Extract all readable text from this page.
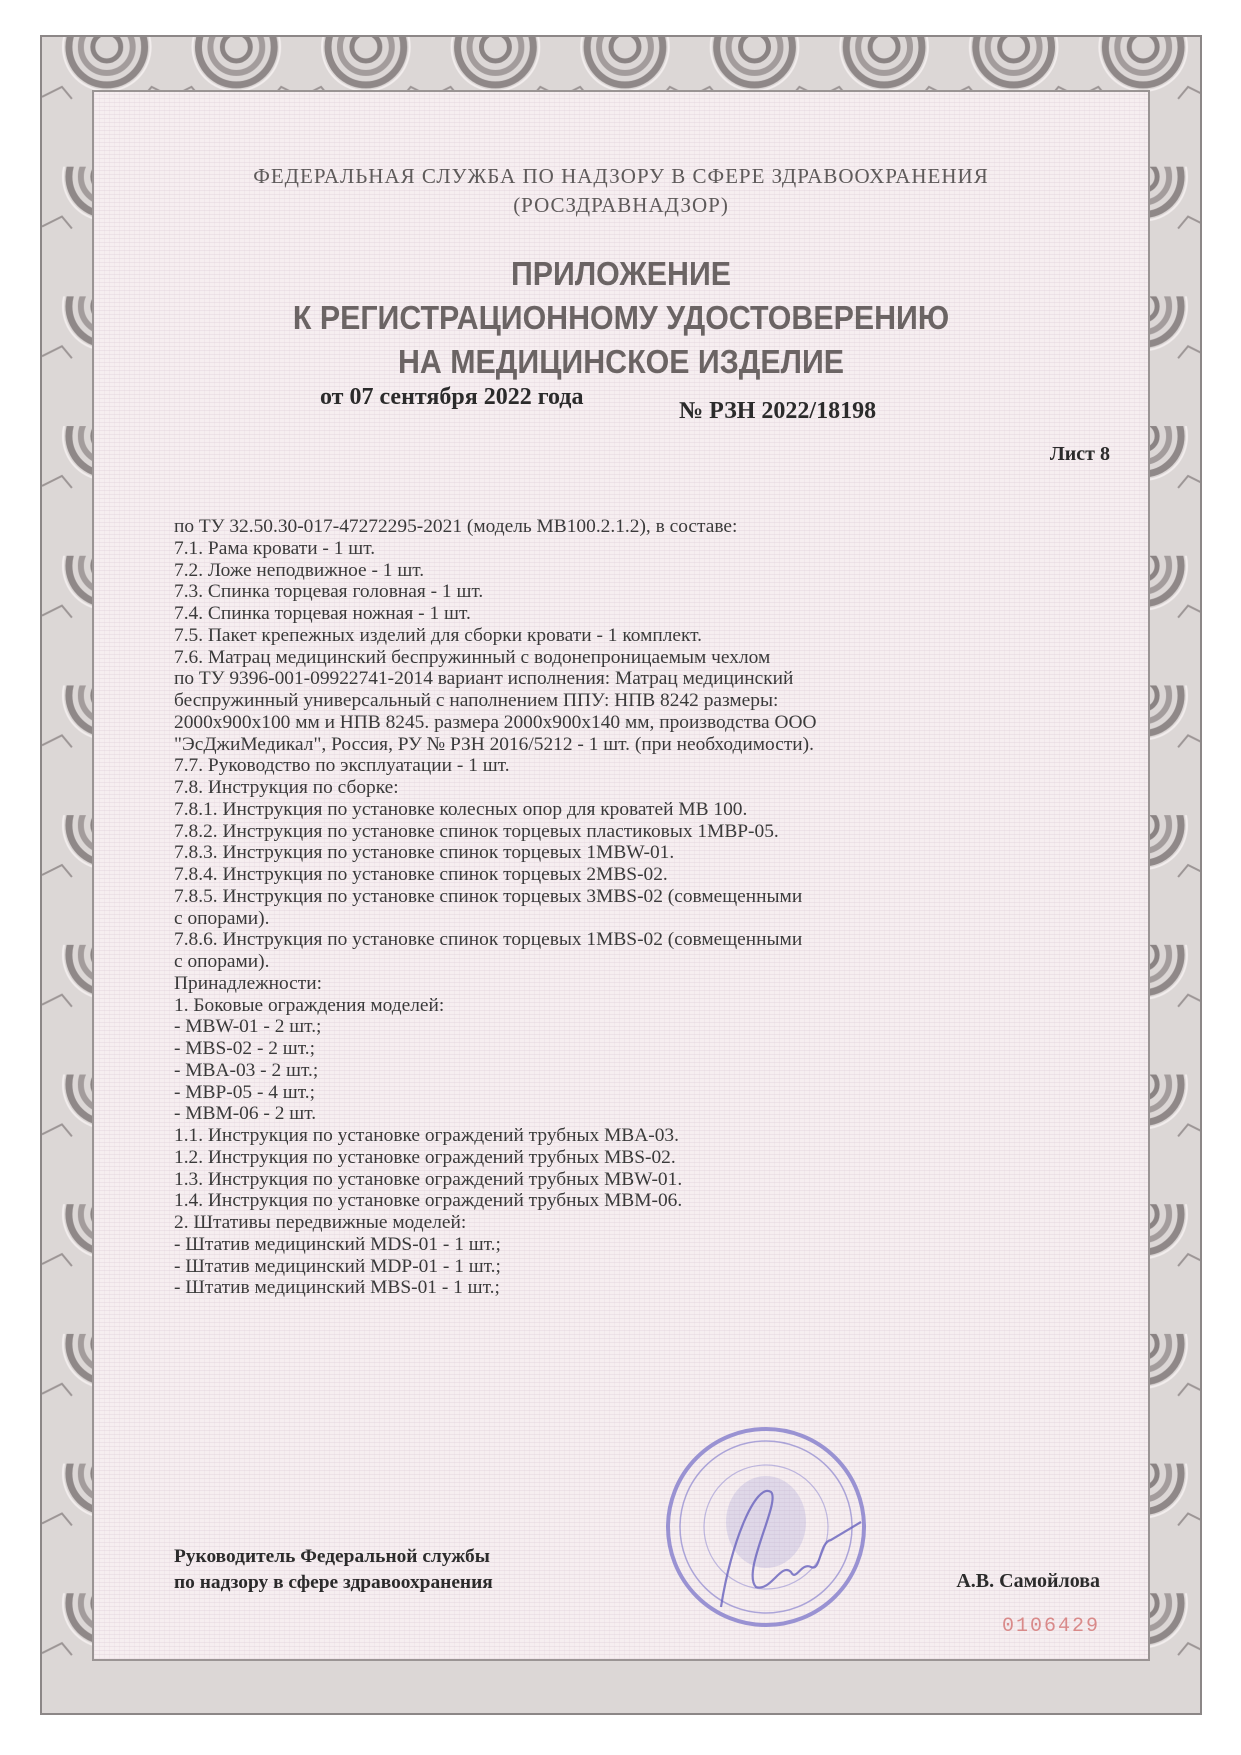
ФЕДЕРАЛЬНАЯ СЛУЖБА ПО НАДЗОРУ В СФЕРЕ ЗДРАВООХРАНЕНИЯ
(РОСЗДРАВНАДЗОР)
ПРИЛОЖЕНИЕ
К РЕГИСТРАЦИОННОМУ УДОСТОВЕРЕНИЮ
НА МЕДИЦИНСКОЕ ИЗДЕЛИЕ
от 07 сентября 2022 года
№ РЗН 2022/18198
Лист 8
по ТУ 32.50.30-017-47272295-2021 (модель MB100.2.1.2), в составе:
7.1. Рама кровати - 1 шт.
7.2. Ложе неподвижное - 1 шт.
7.3. Спинка торцевая головная - 1 шт.
7.4. Спинка торцевая ножная - 1 шт.
7.5. Пакет крепежных изделий для сборки кровати - 1 комплект.
7.6. Матрац медицинский беспружинный с водонепроницаемым чехлом
по ТУ 9396-001-09922741-2014 вариант исполнения: Матрац медицинский
беспружинный универсальный с наполнением ППУ: НПВ 8242 размеры:
2000х900х100 мм и НПВ 8245. размера 2000х900х140 мм, производства ООО
"ЭсДжиМедикал", Россия, РУ № РЗН 2016/5212 - 1 шт. (при необходимости).
7.7. Руководство по эксплуатации - 1 шт.
7.8. Инструкция по сборке:
7.8.1. Инструкция по установке колесных опор для кроватей MB 100.
7.8.2. Инструкция по установке спинок торцевых пластиковых 1MBP-05.
7.8.3. Инструкция по установке спинок торцевых 1MBW-01.
7.8.4. Инструкция по установке спинок торцевых 2MBS-02.
7.8.5. Инструкция по установке спинок торцевых 3MBS-02 (совмещенными
с опорами).
7.8.6. Инструкция по установке спинок торцевых 1MBS-02 (совмещенными
с опорами).
Принадлежности:
1. Боковые ограждения моделей:
- MBW-01 - 2 шт.;
- MBS-02 - 2 шт.;
- MBA-03 - 2 шт.;
- MBP-05 - 4 шт.;
- MBM-06 - 2 шт.
1.1. Инструкция по установке ограждений трубных MBA-03.
1.2. Инструкция по установке ограждений трубных MBS-02.
1.3. Инструкция по установке ограждений трубных MBW-01.
1.4. Инструкция по установке ограждений трубных MBM-06.
2. Штативы передвижные моделей:
- Штатив медицинский MDS-01 - 1 шт.;
- Штатив медицинский MDP-01 - 1 шт.;
- Штатив медицинский MBS-01 - 1 шт.;
Руководитель Федеральной службы
по надзору в сфере здравоохранения	А.В. Самойлова
0106429
